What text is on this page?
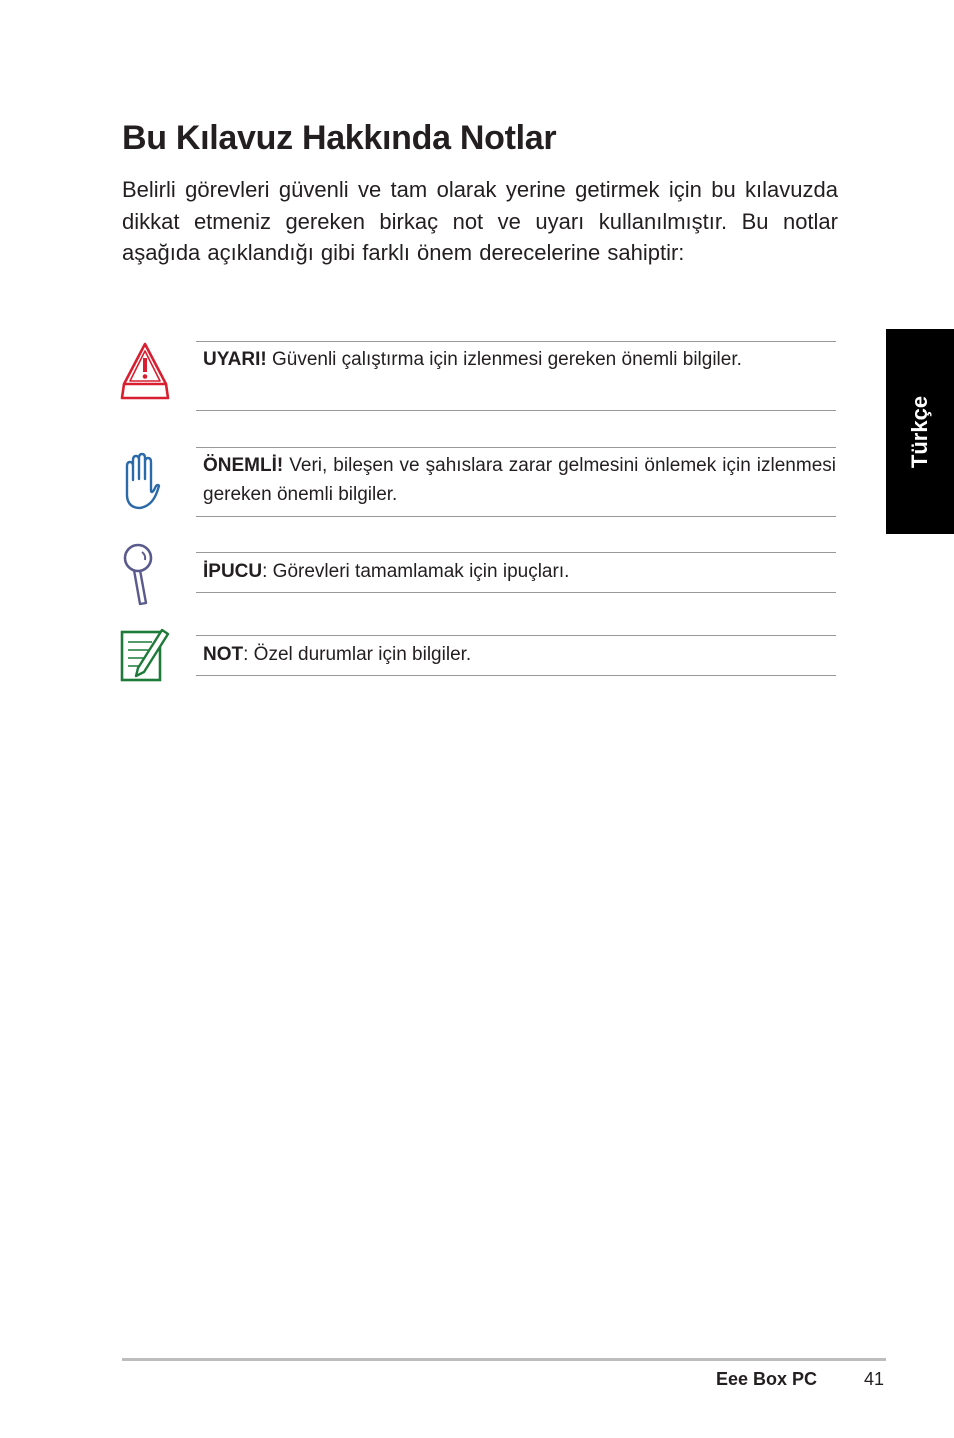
Bu Kılavuz Hakkında Notlar

Belirli görevleri güvenli ve tam olarak yerine getirmek için bu kılavuzda dikkat etmeniz gereken birkaç not ve uyarı kullanılmıştır. Bu notlar aşağıda açıklandığı gibi farklı önem derecelerine sahiptir:

Türkçe

UYARI! Güvenli çalıştırma için izlenmesi gereken önemli bilgiler.

ÖNEMLİ! Veri, bileşen ve şahıslara zarar gelmesini önlemek için izlenmesi gereken önemli bilgiler.

İPUCU: Görevleri tamamlamak için ipuçları.

NOT: Özel durumlar için bilgiler.

Eee Box PC	41
